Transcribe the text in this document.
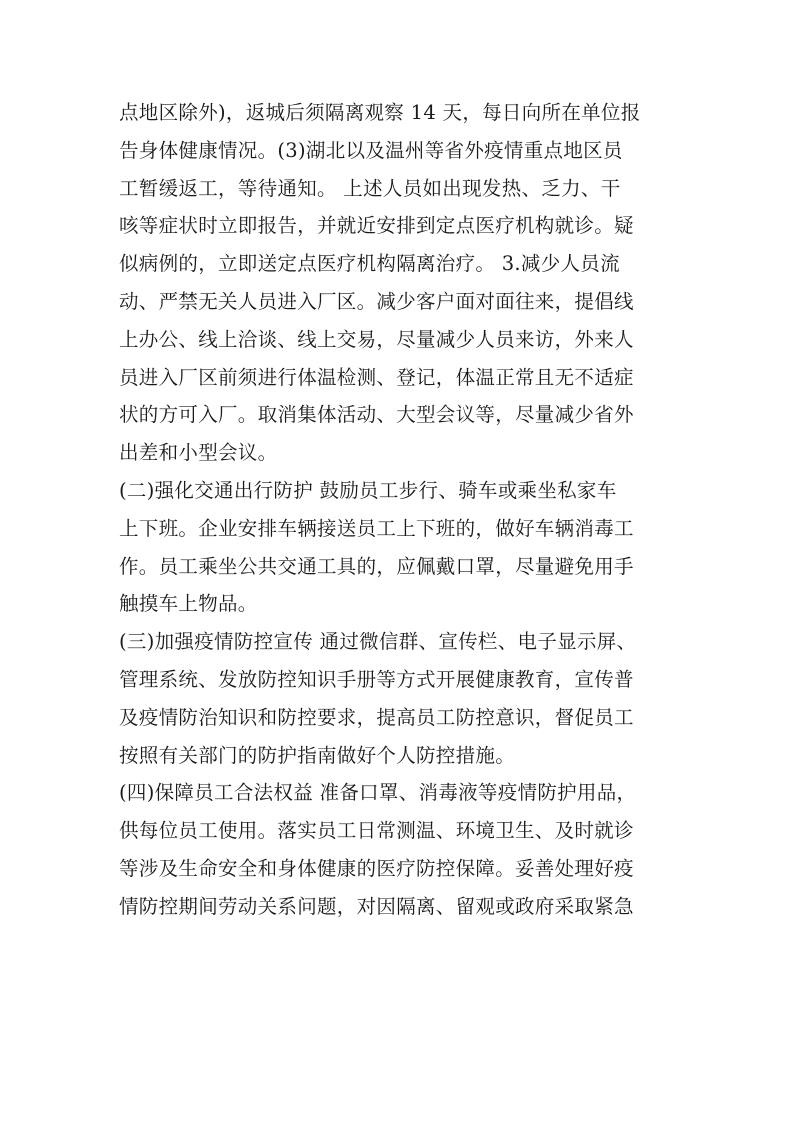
点地区除外)，返城后须隔离观察 14 天，每日向所在单位报
告身体健康情况。(3)湖北以及温州等省外疫情重点地区员
工暂缓返工，等待通知。 上述人员如出现发热、乏力、干
咳等症状时立即报告，并就近安排到定点医疗机构就诊。疑
似病例的，立即送定点医疗机构隔离治疗。 3.减少人员流
动、严禁无关人员进入厂区。减少客户面对面往来，提倡线
上办公、线上洽谈、线上交易，尽量减少人员来访，外来人
员进入厂区前须进行体温检测、登记，体温正常且无不适症
状的方可入厂。取消集体活动、大型会议等，尽量减少省外
出差和小型会议。
(二)强化交通出行防护 鼓励员工步行、骑车或乘坐私家车
上下班。企业安排车辆接送员工上下班的，做好车辆消毒工
作。员工乘坐公共交通工具的，应佩戴口罩，尽量避免用手
触摸车上物品。
(三)加强疫情防控宣传 通过微信群、宣传栏、电子显示屏、
管理系统、发放防控知识手册等方式开展健康教育，宣传普
及疫情防治知识和防控要求，提高员工防控意识，督促员工
按照有关部门的防护指南做好个人防控措施。
(四)保障员工合法权益 准备口罩、消毒液等疫情防护用品，
供每位员工使用。落实员工日常测温、环境卫生、及时就诊
等涉及生命安全和身体健康的医疗防控保障。妥善处理好疫
情防控期间劳动关系问题，对因隔离、留观或政府采取紧急
